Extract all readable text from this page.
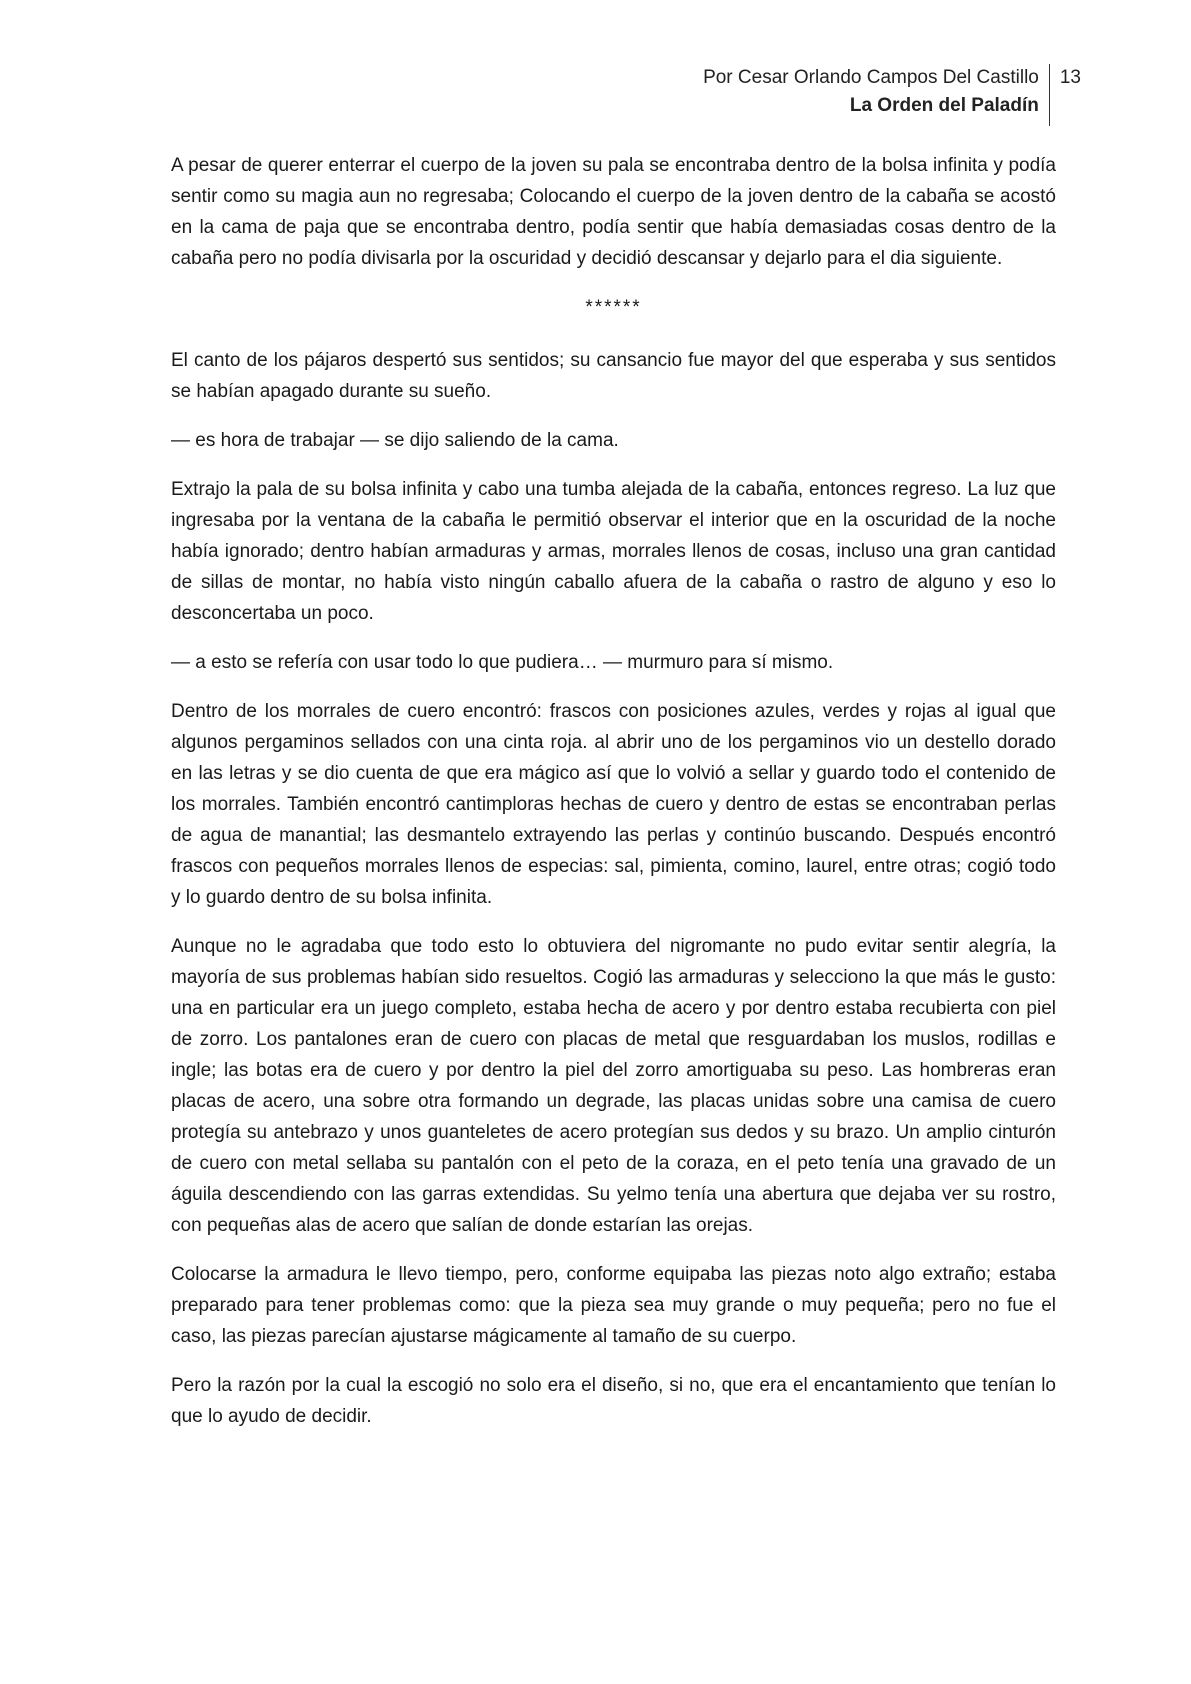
Por Cesar Orlando Campos Del Castillo
La Orden del Paladín
13

A pesar de querer enterrar el cuerpo de la joven su pala se encontraba dentro de la bolsa infinita y podía sentir como su magia aun no regresaba; Colocando el cuerpo de la joven dentro de la cabaña se acostó en la cama de paja que se encontraba dentro, podía sentir que había demasiadas cosas dentro de la cabaña pero no podía divisarla por la oscuridad y decidió descansar y dejarlo para el dia siguiente.

******

El canto de los pájaros despertó sus sentidos; su cansancio fue mayor del que esperaba y sus sentidos se habían apagado durante su sueño.

— es hora de trabajar — se dijo saliendo de la cama.

Extrajo la pala de su bolsa infinita y cabo una tumba alejada de la cabaña, entonces regreso. La luz que ingresaba por la ventana de la cabaña le permitió observar el interior que en la oscuridad de la noche había ignorado; dentro habían armaduras y armas, morrales llenos de cosas, incluso una gran cantidad de sillas de montar, no había visto ningún caballo afuera de la cabaña o rastro de alguno y eso lo desconcertaba un poco.

— a esto se refería con usar todo lo que pudiera… — murmuro para sí mismo.

Dentro de los morrales de cuero encontró: frascos con posiciones azules, verdes y rojas al igual que algunos pergaminos sellados con una cinta roja. al abrir uno de los pergaminos vio un destello dorado en las letras y se dio cuenta de que era mágico así que lo volvió a sellar y guardo todo el contenido de los morrales. También encontró cantimploras hechas de cuero y dentro de estas se encontraban perlas de agua de manantial; las desmantelo extrayendo las perlas y continúo buscando. Después encontró frascos con pequeños morrales llenos de especias: sal, pimienta, comino, laurel, entre otras; cogió todo y lo guardo dentro de su bolsa infinita.

Aunque no le agradaba que todo esto lo obtuviera del nigromante no pudo evitar sentir alegría, la mayoría de sus problemas habían sido resueltos. Cogió las armaduras y selecciono la que más le gusto: una en particular era un juego completo, estaba hecha de acero y por dentro estaba recubierta con piel de zorro. Los pantalones eran de cuero con placas de metal que resguardaban los muslos, rodillas e ingle; las botas era de cuero y por dentro la piel del zorro amortiguaba su peso. Las hombreras eran placas de acero, una sobre otra formando un degrade, las placas unidas sobre una camisa de cuero protegía su antebrazo y unos guanteletes de acero protegían sus dedos y su brazo. Un amplio cinturón de cuero con metal sellaba su pantalón con el peto de la coraza, en el peto tenía una gravado de un águila descendiendo con las garras extendidas. Su yelmo tenía una abertura que dejaba ver su rostro, con pequeñas alas de acero que salían de donde estarían las orejas.

Colocarse la armadura le llevo tiempo, pero, conforme equipaba las piezas noto algo extraño; estaba preparado para tener problemas como: que la pieza sea muy grande o muy pequeña; pero no fue el caso, las piezas parecían ajustarse mágicamente al tamaño de su cuerpo.

Pero la razón por la cual la escogió no solo era el diseño, si no, que era el encantamiento que tenían lo que lo ayudo de decidir.
